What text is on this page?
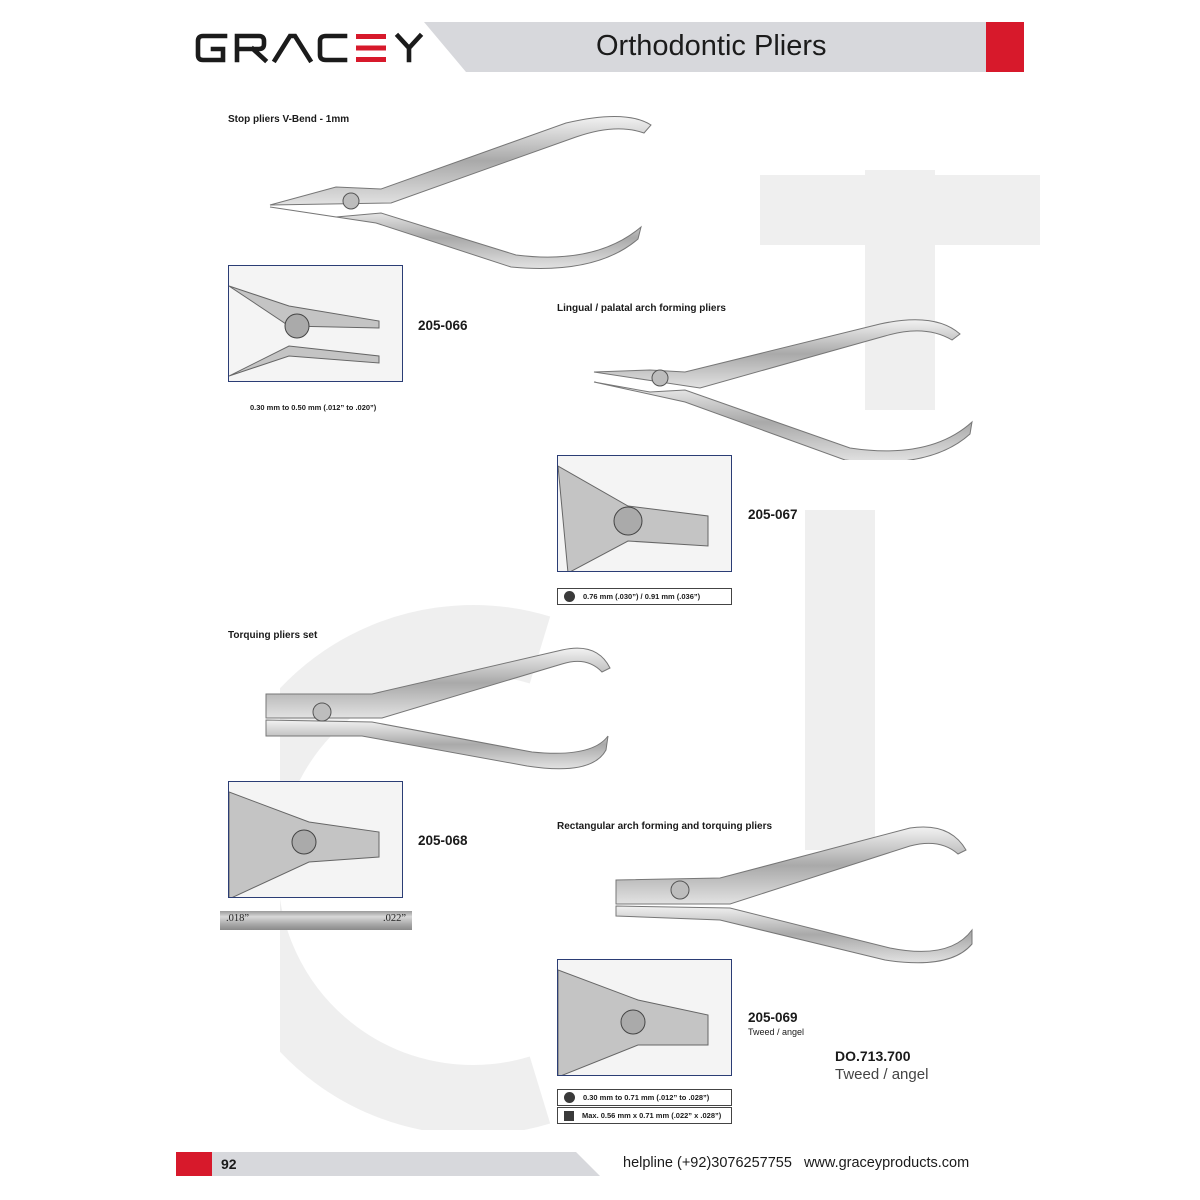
Orthodontic Pliers
Stop pliers V-Bend - 1mm
205-066
0.30 mm to 0.50 mm (.012” to .020”)
Lingual / palatal arch forming pliers
205-067
0.76 mm (.030”) / 0.91 mm (.036”)
Torquing pliers set
205-068
.018”	.022”
Rectangular arch forming and torquing pliers
205-069
Tweed / angel
DO.713.700
Tweed / angel
0.30 mm to 0.71 mm (.012” to .028”)
Max. 0.56 mm x 0.71 mm (.022” x .028”)
92	helpline (+92)3076257755 www.graceyproducts.com
